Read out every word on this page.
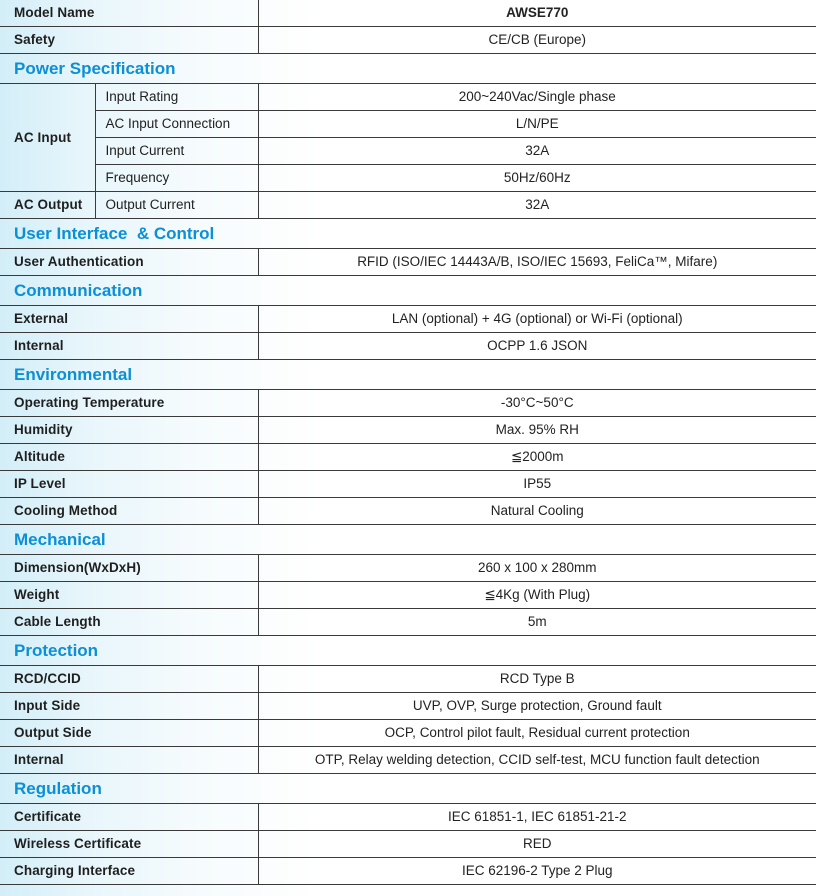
Model Name		AWSE770
Safety		CE/CB (Europe)
Power Specification		
AC Input	Input Rating	200~240Vac/Single phase
	AC Input Connection	L/N/PE
	Input Current	32A
	Frequency	50Hz/60Hz
AC Output	Output Current	32A
User Interface  & Control		
User Authentication		RFID (ISO/IEC 14443A/B, ISO/IEC 15693, FeliCa™, Mifare)
Communication		
External		LAN (optional) + 4G (optional) or Wi-Fi (optional)
Internal		OCPP 1.6 JSON
Environmental		
Operating Temperature		-30°C~50°C
Humidity		Max. 95% RH
Altitude		≦2000m
IP Level		IP55
Cooling Method		Natural Cooling
Mechanical		
Dimension(WxDxH)		260 x 100 x 280mm
Weight		≦4Kg (With Plug)
Cable Length		5m
Protection		
RCD/CCID		RCD Type B
Input Side		UVP, OVP, Surge protection, Ground fault
Output Side		OCP, Control pilot fault, Residual current protection
Internal		OTP, Relay welding detection, CCID self-test, MCU function fault detection
Regulation		
Certificate		IEC 61851-1, IEC 61851-21-2
Wireless Certificate		RED
Charging Interface		IEC 62196-2 Type 2 Plug
